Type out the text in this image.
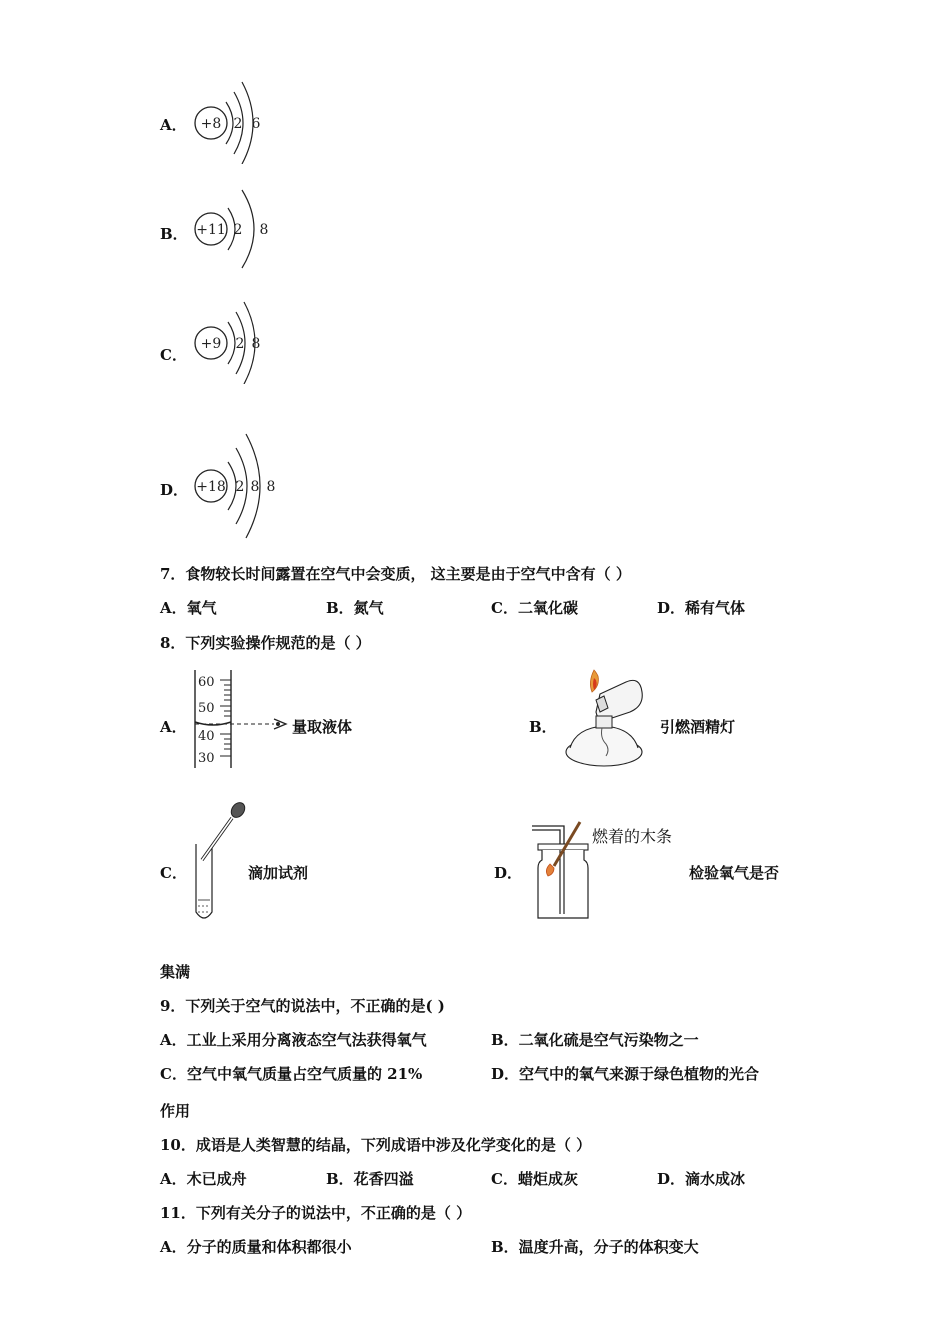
A． +8 2 6
B． +11 2 8
C．
+9 2 8
D． +18 2 8 8
7．食物较长时间露置在空气中会变质， 这主要是由于空气中含有（ ）
A．氧气	B．氮气	C．二氧化碳	D．稀有气体
8．下列实验操作规范的是（ ）
A．
60
50
40
30
量取液体	B．	引燃酒精灯
C．	滴加试剂	D．
燃着的木条
检验氧气是否
集满
9．下列关于空气的说法中，不正确的是( )
A．工业上采用分离液态空气法获得氧气	B．二氧化硫是空气污染物之一
C．空气中氧气质量占空气质量的 21%	D．空气中的氧气来源于绿色植物的光合
作用
10．成语是人类智慧的结晶，下列成语中涉及化学变化的是（ ）
A．木已成舟	B．花香四溢	C．蜡炬成灰	D．滴水成冰
11．下列有关分子的说法中，不正确的是（ ）
A．分子的质量和体积都很小	B．温度升高，分子的体积变大
